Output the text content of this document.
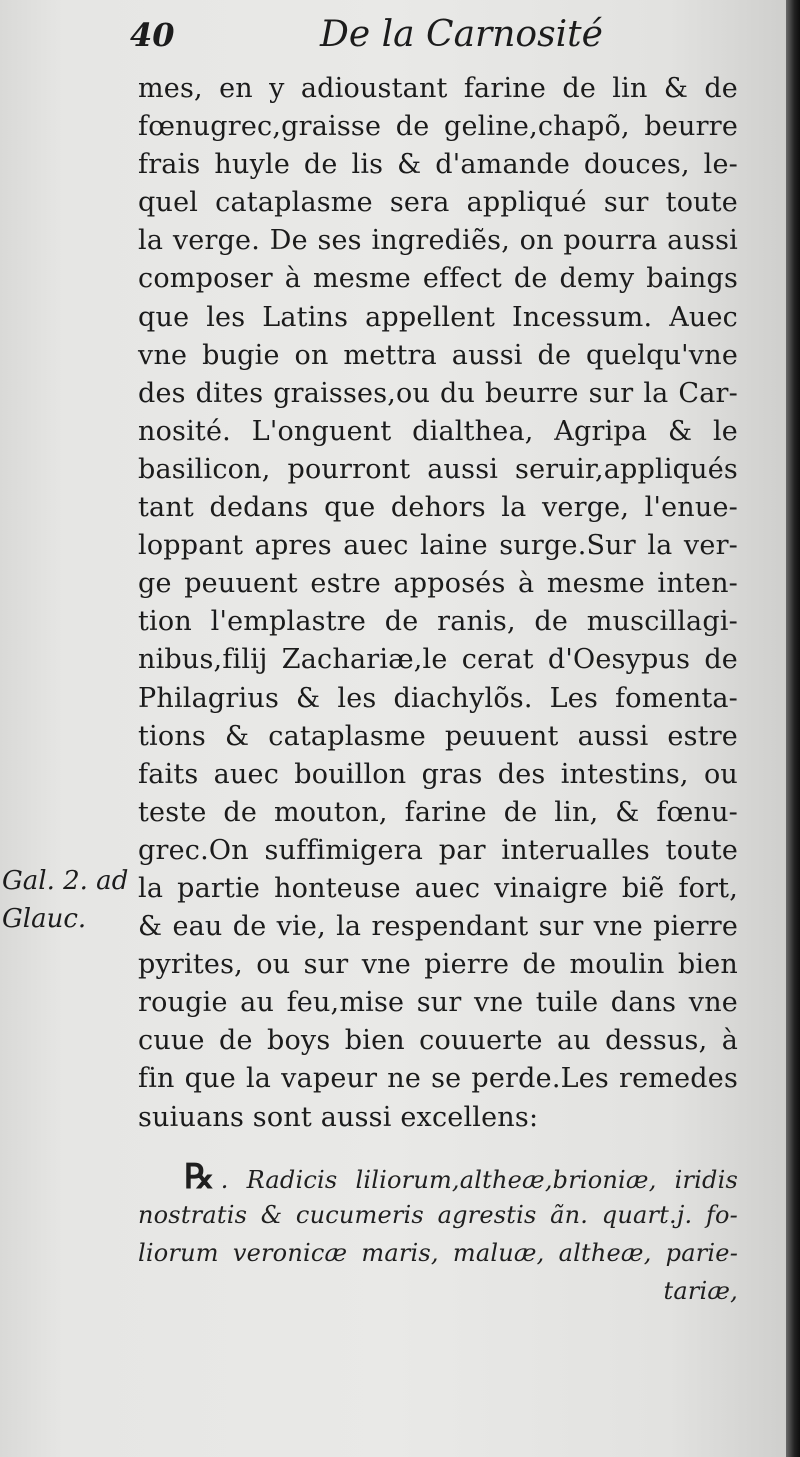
40	De la Carnosité
Gal. 2. ad
Glauc.
mes, en y adioustant farine de lin & de
fœnugrec,graisse de geline,chapõ, beurre
frais huyle de lis & d'amande douces, le-
quel cataplasme sera appliqué sur toute
la verge. De ses ingrediẽs, on pourra aussi
composer à mesme effect de demy baings
que les Latins appellent Incessum. Auec
vne bugie on mettra aussi de quelqu'vne
des dites graisses,ou du beurre sur la Car-
nosité. L'onguent dialthea, Agripa & le
basilicon, pourront aussi seruir,appliqués
tant dedans que dehors la verge, l'enue-
loppant apres auec laine surge.Sur la ver-
ge peuuent estre apposés à mesme inten-
tion l'emplastre de ranis, de muscillagi-
nibus,filij Zachariæ,le cerat d'Oesypus de
Philagrius & les diachylõs. Les fomenta-
tions & cataplasme peuuent aussi estre
faits auec bouillon gras des intestins, ou
teste de mouton, farine de lin, & fœnu-
grec.On suffimigera par interualles toute
la partie honteuse auec vinaigre biẽ fort,
& eau de vie, la respendant sur vne pierre
pyrites, ou sur vne pierre de moulin bien
rougie au feu,mise sur vne tuile dans vne
cuue de boys bien couuerte au dessus, à
fin que la vapeur ne se perde.Les remedes
suiuans sont aussi excellens:
℞ . Radicis liliorum,altheæ,brioniæ, iridis
nostratis & cucumeris agrestis ãn. quart.j. fo-
liorum veronicæ maris, maluæ, altheæ, parie-
tariæ,
